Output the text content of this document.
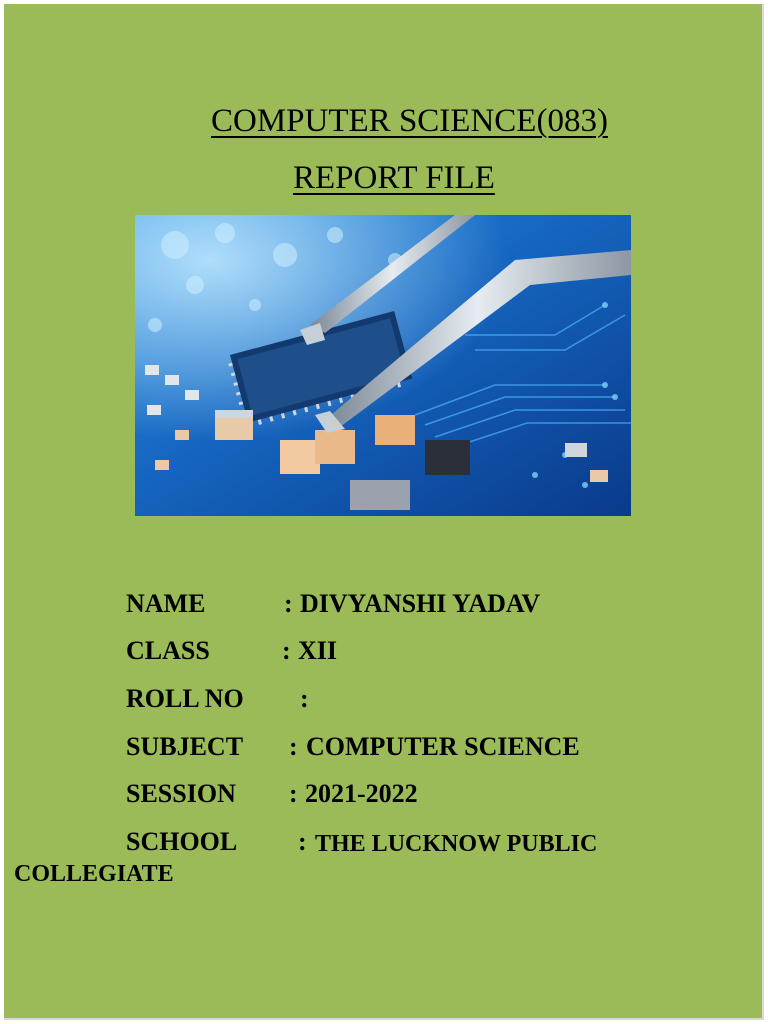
COMPUTER SCIENCE(083)
REPORT FILE
NAME	: DIVYANSHI YADAV
CLASS	: XII
ROLL NO :
SUBJECT : COMPUTER SCIENCE
SESSION : 2021-2022
SCHOOL : THE LUCKNOW PUBLIC
COLLEGIATE
